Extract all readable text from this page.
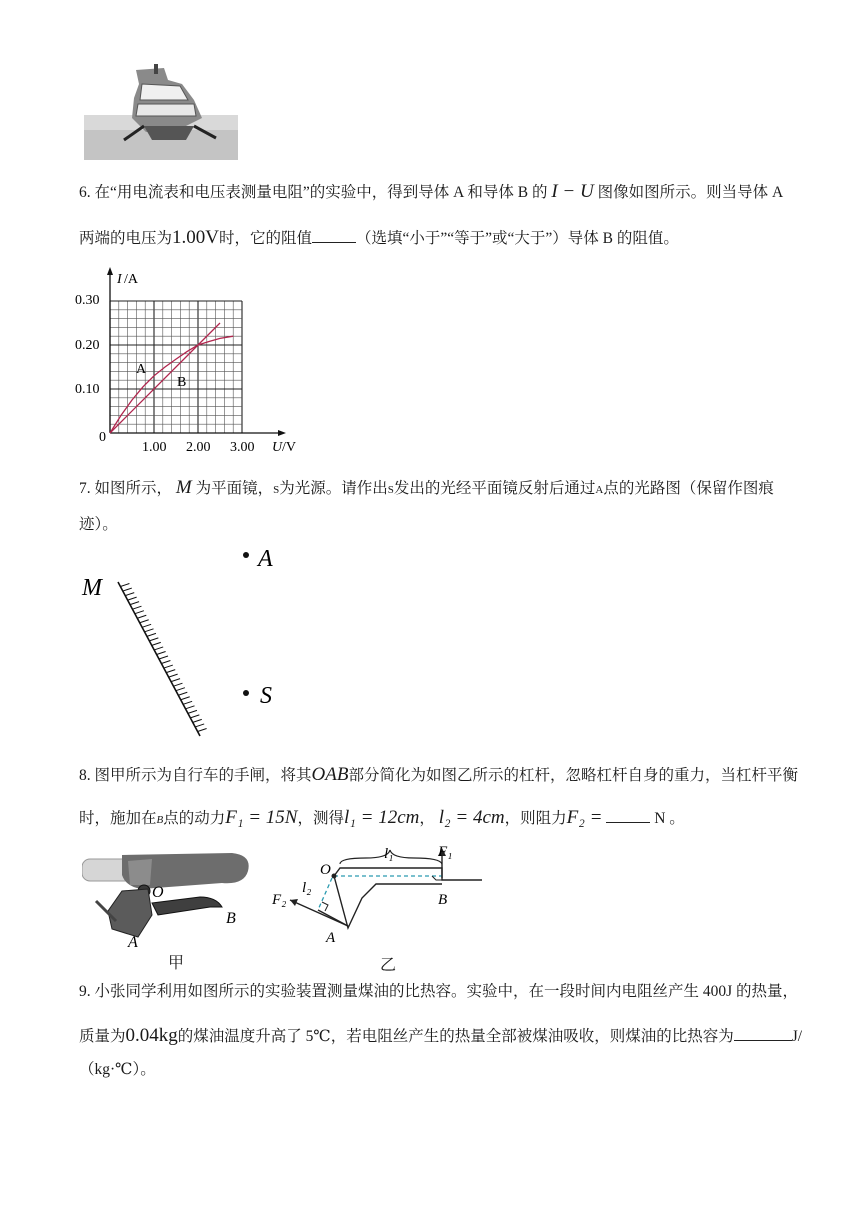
6. 在“用电流表和电压表测量电阻”的实验中，得到导体 A 和导体 B 的 I − U 图像如图所示。则当导体 A
两端的电压为1.00V时，它的阻值	（选填“小于”“等于”或“大于”）导体 B 的阻值。
I /A
0
0.10
0.20
0.30
1.00 2.00 3.00 U /V
A
B
7. 如图所示， M 为平面镜，S为光源。请作出S发出的光经平面镜反射后通过A点的光路图（保留作图痕
迹）。
M
A
S
8. 图甲所示为自行车的手闸，将其OAB部分简化为如图乙所示的杠杆，忽略杠杆自身的重力，当杠杆平衡
时，施加在B点的动力F₁ = 15N，测得l₁ = 12cm， l₂ = 4cm，则阻力F₂ =	N 。
O
A
B
甲
O
l₁
l₂
F₁
F₂
A
B
乙
9. 小张同学利用如图所示的实验装置测量煤油的比热容。实验中，在一段时间内电阻丝产生 400J 的热量，
质量为0.04kg的煤油温度升高了 5℃，若电阻丝产生的热量全部被煤油吸收，则煤油的比热容为	J/
（kg·℃）。
